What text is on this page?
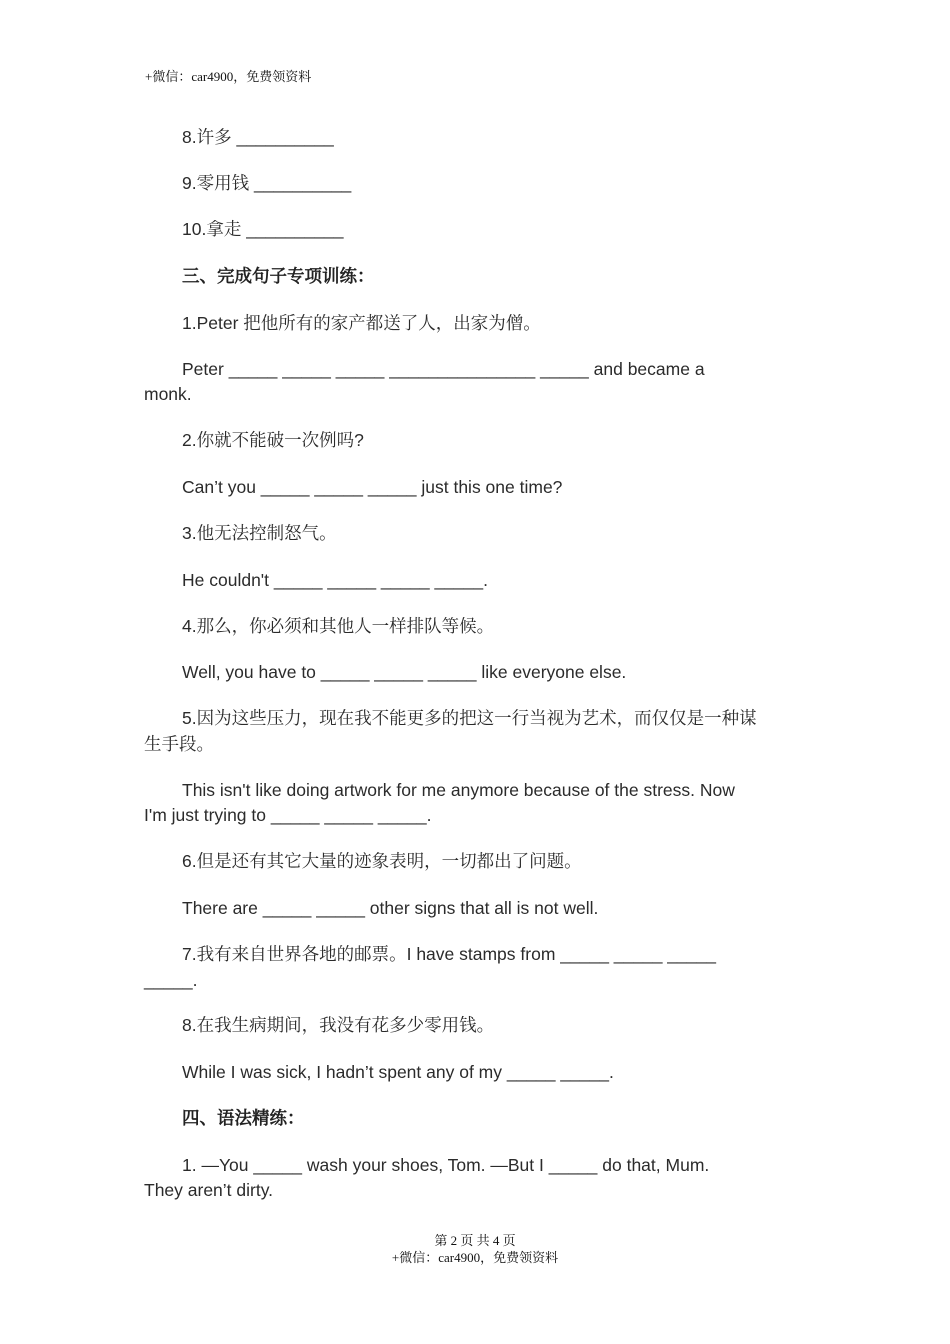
+微信：car4900，免费领资料
8.许多 __________
9.零用钱 __________
10.拿走 __________
三、完成句子专项训练：
1.Peter 把他所有的家产都送了人，出家为僧。
Peter _____ _____ _____ _______________ _____ and became a
monk.
2.你就不能破一次例吗?
Can’t you _____ _____ _____ just this one time?
3.他无法控制怒气。
He couldn't _____ _____ _____ _____.
4.那么，你必须和其他人一样排队等候。
Well, you have to _____ _____ _____ like everyone else.
5.因为这些压力，现在我不能更多的把这一行当视为艺术，而仅仅是一种谋
生手段。
This isn't like doing artwork for me anymore because of the stress. Now
I'm just trying to _____ _____ _____.
6.但是还有其它大量的迹象表明，一切都出了问题。
There are _____ _____ other signs that all is not well.
7.我有来自世界各地的邮票。I have stamps from _____ _____ _____
_____.
8.在我生病期间，我没有花多少零用钱。
While I was sick, I hadn’t spent any of my _____ _____.
四、语法精练：
1. —You _____ wash your shoes, Tom. —But I _____ do that, Mum.
They aren’t dirty.
第 2 页 共 4 页
+微信：car4900，免费领资料
